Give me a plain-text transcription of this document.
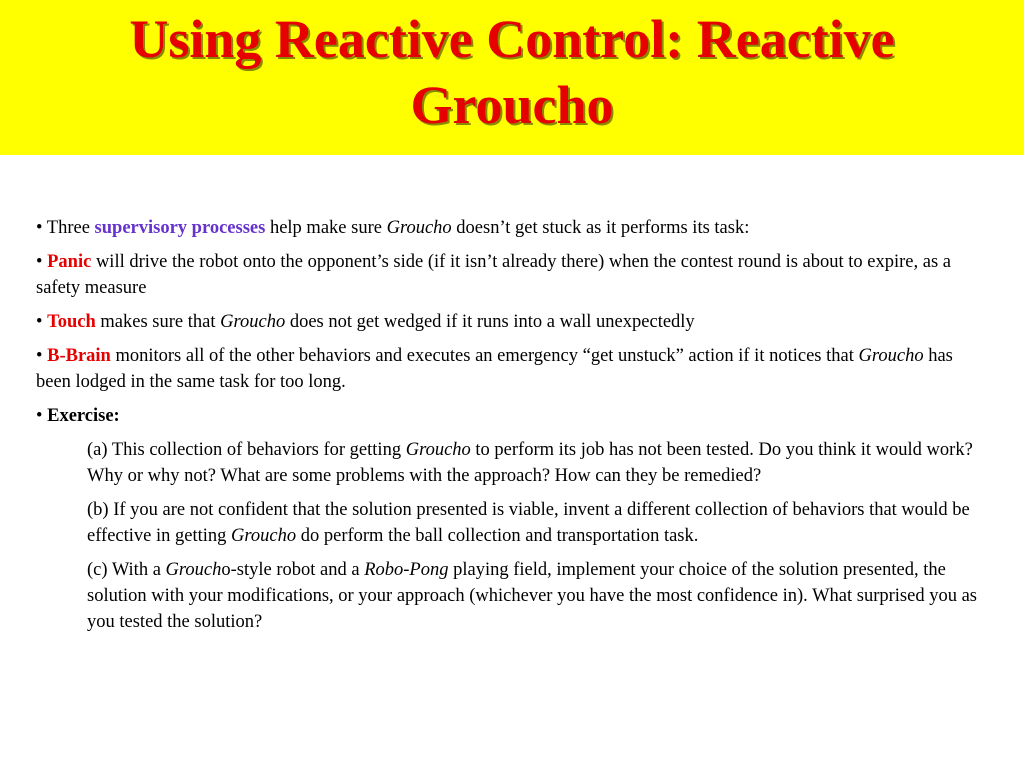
Using Reactive Control: Reactive
Groucho

• Three supervisory processes help make sure Groucho doesn’t get stuck as it performs its task:

• Panic will drive the robot onto the opponent’s side (if it isn’t already there) when the contest round is about to expire, as a safety measure

• Touch makes sure that Groucho does not get wedged if it runs into a wall unexpectedly

• B-Brain monitors all of the other behaviors and executes an emergency “get unstuck” action if it notices that Groucho has been lodged in the same task for too long.

• Exercise:

(a) This collection of behaviors for getting Groucho to perform its job has not been tested. Do you think it would work? Why or why not? What are some problems with the approach? How can they be remedied?

(b) If you are not confident that the solution presented is viable, invent a different collection of behaviors that would be effective in getting Groucho do perform the ball collection and transportation task.

(c) With a Groucho-style robot and a Robo-Pong playing field, implement your choice of the solution presented, the solution with your modifications, or your approach (whichever you have the most confidence in). What surprised you as you tested the solution?
